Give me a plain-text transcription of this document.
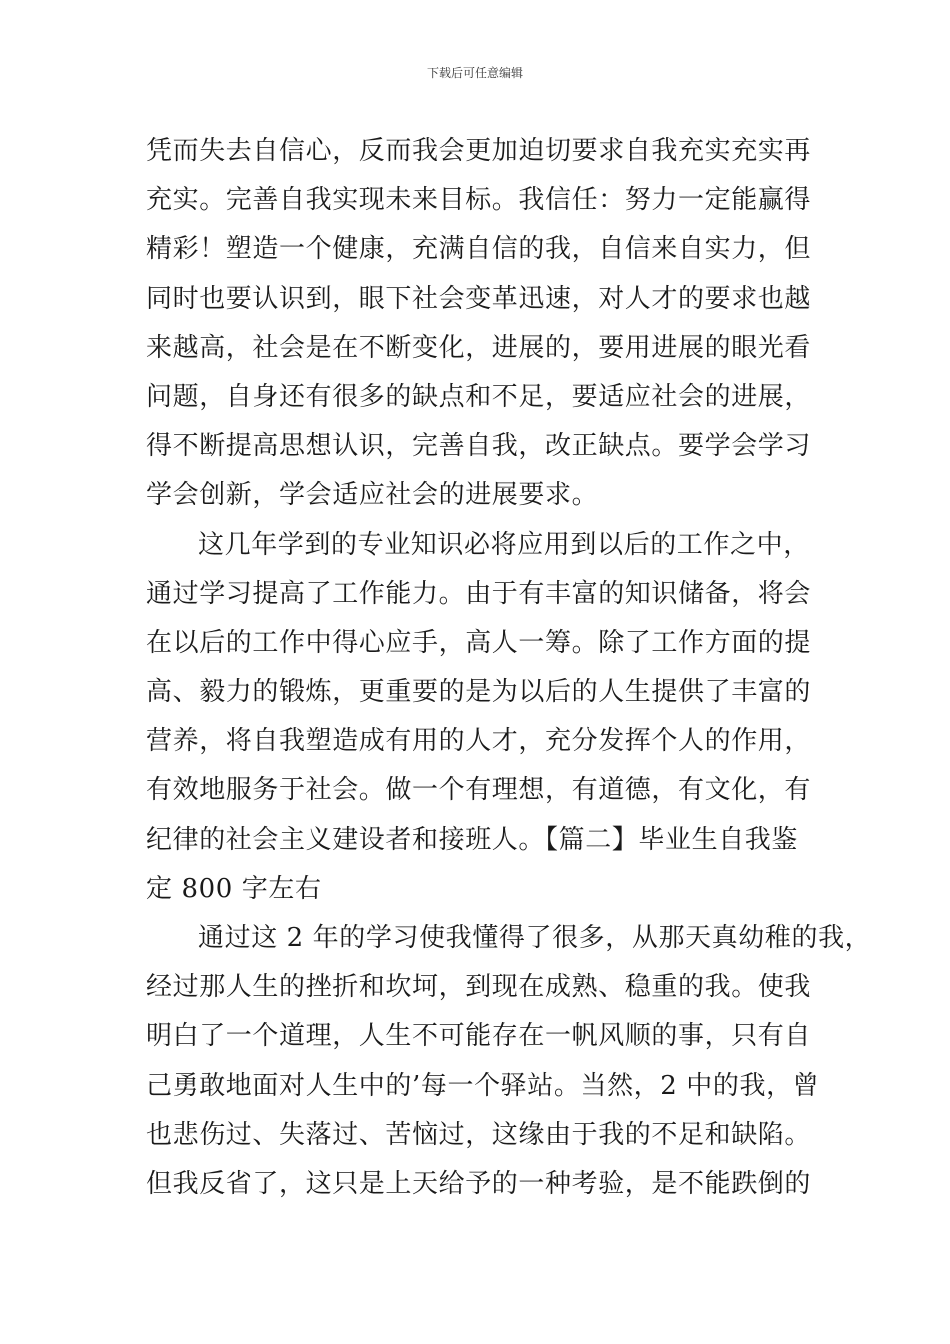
下载后可任意编辑
凭而失去自信心，反而我会更加迫切要求自我充实充实再
充实。完善自我实现未来目标。我信任：努力一定能赢得
精彩！塑造一个健康，充满自信的我，自信来自实力，但
同时也要认识到，眼下社会变革迅速，对人才的要求也越
来越高，社会是在不断变化，进展的，要用进展的眼光看
问题，自身还有很多的缺点和不足，要适应社会的进展，
得不断提高思想认识，完善自我，改正缺点。要学会学习
学会创新，学会适应社会的进展要求。
这几年学到的专业知识必将应用到以后的工作之中，
通过学习提高了工作能力。由于有丰富的知识储备，将会
在以后的工作中得心应手，高人一筹。除了工作方面的提
高、毅力的锻炼，更重要的是为以后的人生提供了丰富的
营养，将自我塑造成有用的人才，充分发挥个人的作用，
有效地服务于社会。做一个有理想，有道德，有文化，有
纪律的社会主义建设者和接班人。【篇二】毕业生自我鉴
定 800 字左右
通过这 2 年的学习使我懂得了很多，从那天真幼稚的我，
经过那人生的挫折和坎坷，到现在成熟、稳重的我。使我
明白了一个道理，人生不可能存在一帆风顺的事，只有自
己勇敢地面对人生中的’每一个驿站。当然，2 中的我，曾
也悲伤过、失落过、苦恼过，这缘由于我的不足和缺陷。
但我反省了，这只是上天给予的一种考验，是不能跌倒的
